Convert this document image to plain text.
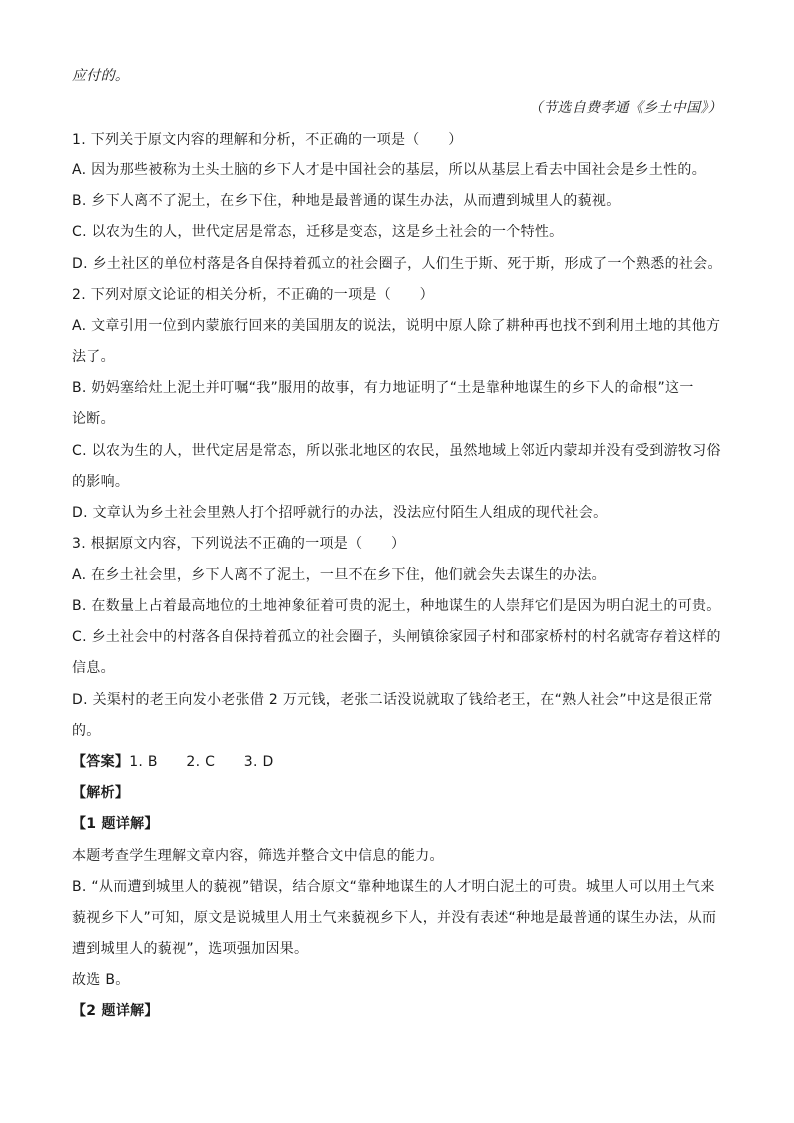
应付的。
（节选自费孝通《乡土中国》）
1. 下列关于原文内容的理解和分析，不正确的一项是（　　）
A. 因为那些被称为土头土脑的乡下人才是中国社会的基层，所以从基层上看去中国社会是乡土性的。
B. 乡下人离不了泥土，在乡下住，种地是最普通的谋生办法，从而遭到城里人的藐视。
C. 以农为生的人，世代定居是常态，迁移是变态，这是乡土社会的一个特性。
D. 乡土社区的单位村落是各自保持着孤立的社会圈子，人们生于斯、死于斯，形成了一个熟悉的社会。
2. 下列对原文论证的相关分析，不正确的一项是（　　）
A. 文章引用一位到内蒙旅行回来的美国朋友的说法，说明中原人除了耕种再也找不到利用土地的其他方
法了。
B. 奶妈塞给灶上泥土并叮嘱“我”服用的故事，有力地证明了“土是靠种地谋生的乡下人的命根”这一
论断。
C. 以农为生的人，世代定居是常态，所以张北地区的农民，虽然地域上邻近内蒙却并没有受到游牧习俗
的影响。
D. 文章认为乡土社会里熟人打个招呼就行的办法，没法应付陌生人组成的现代社会。
3. 根据原文内容，下列说法不正确的一项是（　　）
A. 在乡土社会里，乡下人离不了泥土，一旦不在乡下住，他们就会失去谋生的办法。
B. 在数量上占着最高地位的土地神象征着可贵的泥土，种地谋生的人崇拜它们是因为明白泥土的可贵。
C. 乡土社会中的村落各自保持着孤立的社会圈子，头闸镇徐家园子村和邵家桥村的村名就寄存着这样的
信息。
D. 关渠村的老王向发小老张借 2 万元钱，老张二话没说就取了钱给老王，在“熟人社会”中这是很正常
的。
【答案】1. B　　2. C　　3. D
【解析】
【1 题详解】
本题考查学生理解文章内容，筛选并整合文中信息的能力。
B. “从而遭到城里人的藐视”错误，结合原文“靠种地谋生的人才明白泥土的可贵。城里人可以用土气来
藐视乡下人”可知，原文是说城里人用土气来藐视乡下人，并没有表述“种地是最普通的谋生办法，从而
遭到城里人的藐视”，选项强加因果。
故选 B。
【2 题详解】
